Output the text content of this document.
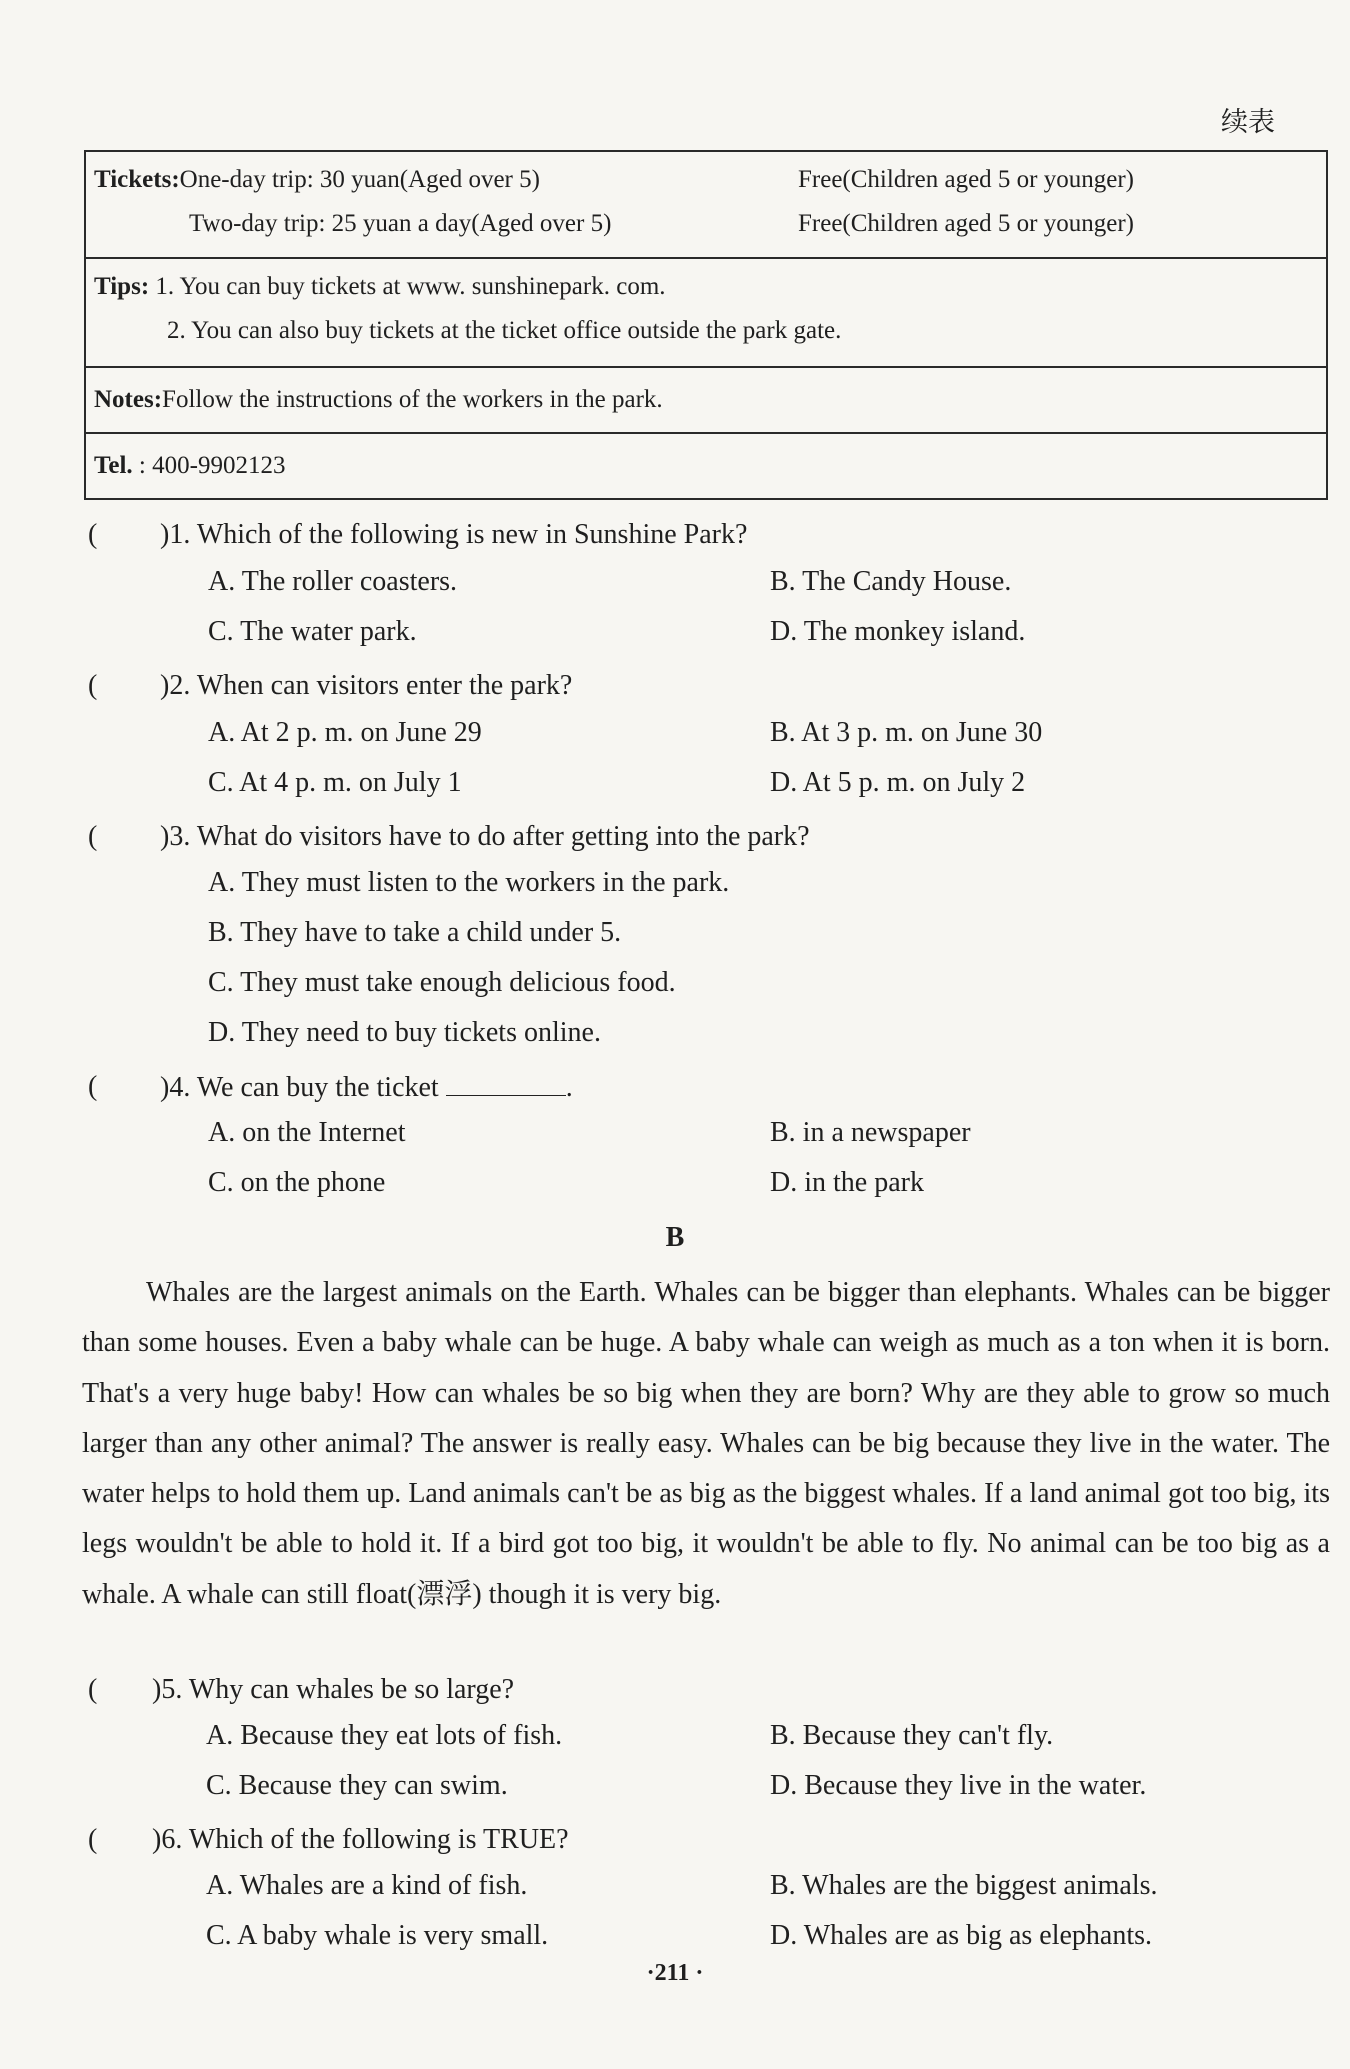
续表
Tickets:One-day trip: 30 yuan(Aged over 5)	Free(Children aged 5 or younger)
Two-day trip: 25 yuan a day(Aged over 5)	Free(Children aged 5 or younger)

Tips: 1. You can buy tickets at www. sunshinepark. com.
2. You can also buy tickets at the ticket office outside the park gate.

Notes:Follow the instructions of the workers in the park.

Tel. : 400-9902123
( )1. Which of the following is new in Sunshine Park?
A. The roller coasters.	B. The Candy House.
C. The water park.	D. The monkey island.
( )2. When can visitors enter the park?
A. At 2 p. m. on June 29	B. At 3 p. m. on June 30
C. At 4 p. m. on July 1	D. At 5 p. m. on July 2
( )3. What do visitors have to do after getting into the park?
A. They must listen to the workers in the park.
B. They have to take a child under 5.
C. They must take enough delicious food.
D. They need to buy tickets online.
( )4. We can buy the ticket	.
A. on the Internet	B. in a newspaper
C. on the phone	D. in the park
B
Whales are the largest animals on the Earth. Whales can be bigger than elephants. Whales can be bigger than some houses. Even a baby whale can be huge. A baby whale can weigh as much as a ton when it is born. That's a very huge baby! How can whales be so big when they are born? Why are they able to grow so much larger than any other animal? The answer is really easy. Whales can be big because they live in the water. The water helps to hold them up. Land animals can't be as big as the biggest whales. If a land animal got too big, its legs wouldn't be able to hold it. If a bird got too big, it wouldn't be able to fly. No animal can be too big as a whale. A whale can still float(漂浮) though it is very big.
( )5. Why can whales be so large?
A. Because they eat lots of fish.	B. Because they can't fly.
C. Because they can swim.	D. Because they live in the water.
( )6. Which of the following is TRUE?
A. Whales are a kind of fish.	B. Whales are the biggest animals.
C. A baby whale is very small.	D. Whales are as big as elephants.
·211 ·
